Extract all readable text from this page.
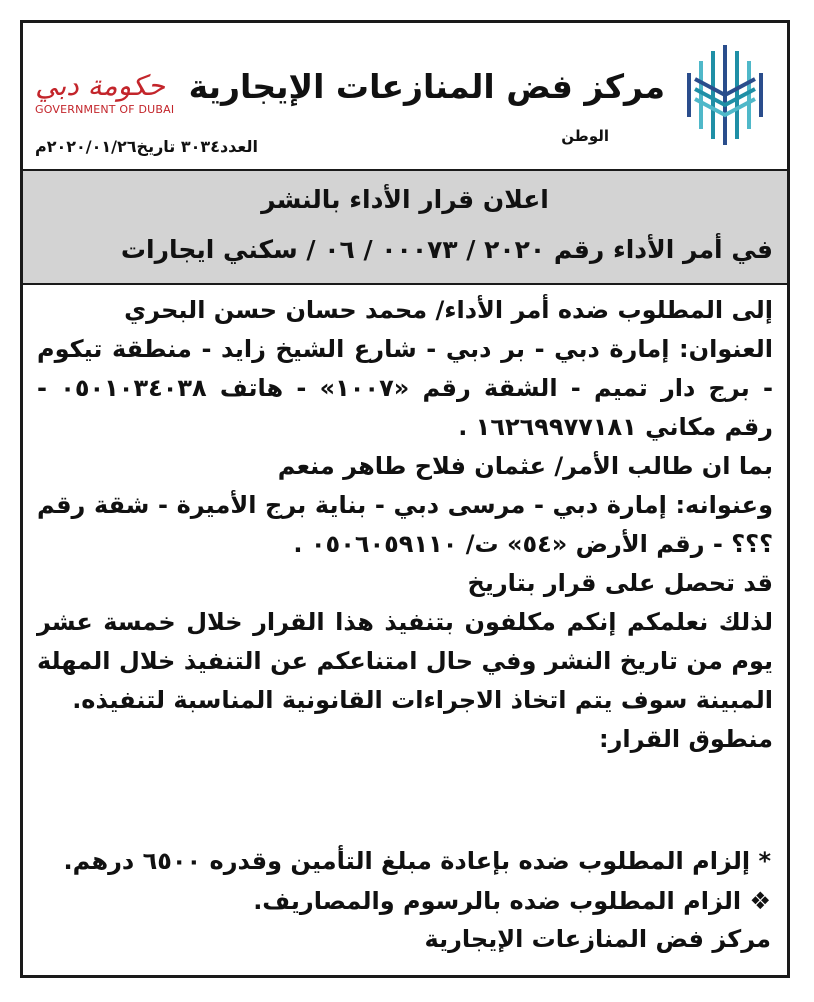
مركز فض المنازعات الإيجارية
الوطن
حكومة دبي
GOVERNMENT OF DUBAI
العدد٣٠٣٤ تاريخ٢٠٢٠/٠١/٢٦م
اعلان قرار الأداء بالنشر
في أمر الأداء رقم ٢٠٢٠ / ٠٠٠٧٣ / ٠٦ / سكني ايجارات

إلى المطلوب ضده أمر الأداء/ محمد حسان حسن البحري

العنوان: إمارة دبي - بر دبي - شارع الشيخ زايد - منطقة تيكوم - برج دار تميم - الشقة رقم «١٠٠٧» - هاتف ٠٥٠١٠٣٤٠٣٨ - رقم مكاني ١٦٢٦٩٩٧٧١٨١ .

بما ان طالب الأمر/ عثمان فلاح طاهر منعم

وعنوانه: إمارة دبي - مرسى دبي - بناية برج الأميرة - شقة رقم ؟؟؟ - رقم الأرض «٥٤» ت/ ٠٥٠٦٠٥٩١١٠ .

قد تحصل على قرار بتاريخ

لذلك نعلمكم إنكم مكلفون بتنفيذ هذا القرار خلال خمسة عشر يوم من تاريخ النشر وفي حال امتناعكم عن التنفيذ خلال المهلة المبينة سوف يتم اتخاذ الاجراءات القانونية المناسبة لتنفيذه.

منطوق القرار:

* إلزام المطلوب ضده بإعادة مبلغ التأمين وقدره ٦٥٠٠ درهم.

❖ الزام المطلوب ضده بالرسوم والمصاريف.

مركز فض المنازعات الإيجارية
